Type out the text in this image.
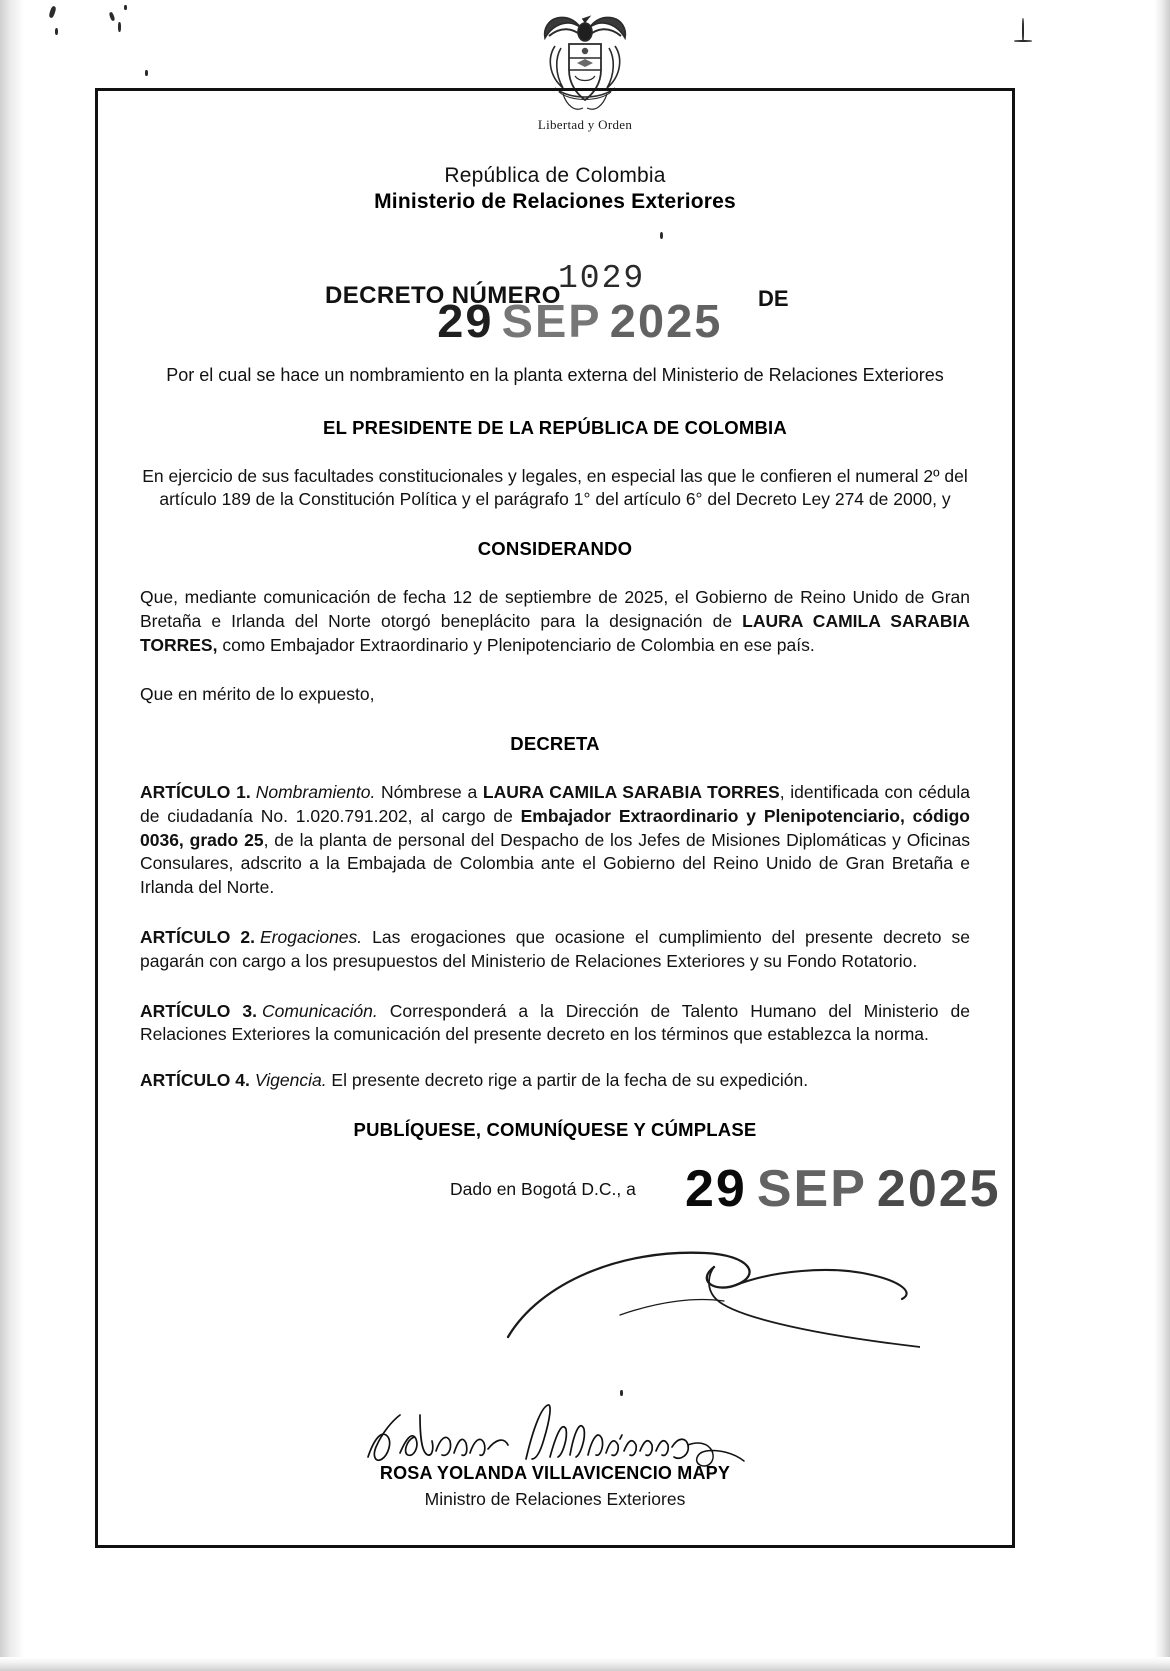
Libertad y Orden
República de Colombia
Ministerio de Relaciones Exteriores
DECRETO NÚMERO
1029
DE
29 SEP 2025
Por el cual se hace un nombramiento en la planta externa del Ministerio de Relaciones Exteriores
EL PRESIDENTE DE LA REPÚBLICA DE COLOMBIA
En ejercicio de sus facultades constitucionales y legales, en especial las que le confieren el numeral 2º del artículo 189 de la Constitución Política y el parágrafo 1° del artículo 6° del Decreto Ley 274 de 2000, y
CONSIDERANDO
Que, mediante comunicación de fecha 12 de septiembre de 2025, el Gobierno de Reino Unido de Gran Bretaña e Irlanda del Norte otorgó beneplácito para la designación de LAURA CAMILA SARABIA TORRES, como Embajador Extraordinario y Plenipotenciario de Colombia en ese país.
Que en mérito de lo expuesto,
DECRETA
ARTÍCULO 1. Nombramiento. Nómbrese a LAURA CAMILA SARABIA TORRES, identificada con cédula de ciudadanía No. 1.020.791.202, al cargo de Embajador Extraordinario y Plenipotenciario, código 0036, grado 25, de la planta de personal del Despacho de los Jefes de Misiones Diplomáticas y Oficinas Consulares, adscrito a la Embajada de Colombia ante el Gobierno del Reino Unido de Gran Bretaña e Irlanda del Norte.
ARTÍCULO 2. Erogaciones. Las erogaciones que ocasione el cumplimiento del presente decreto se pagarán con cargo a los presupuestos del Ministerio de Relaciones Exteriores y su Fondo Rotatorio.
ARTÍCULO 3. Comunicación. Corresponderá a la Dirección de Talento Humano del Ministerio de Relaciones Exteriores la comunicación del presente decreto en los términos que establezca la norma.
ARTÍCULO 4. Vigencia. El presente decreto rige a partir de la fecha de su expedición.
PUBLÍQUESE, COMUNÍQUESE Y CÚMPLASE
Dado en Bogotá D.C., a 29 SEP 2025
ROSA YOLANDA VILLAVICENCIO MAPY
Ministro de Relaciones Exteriores
